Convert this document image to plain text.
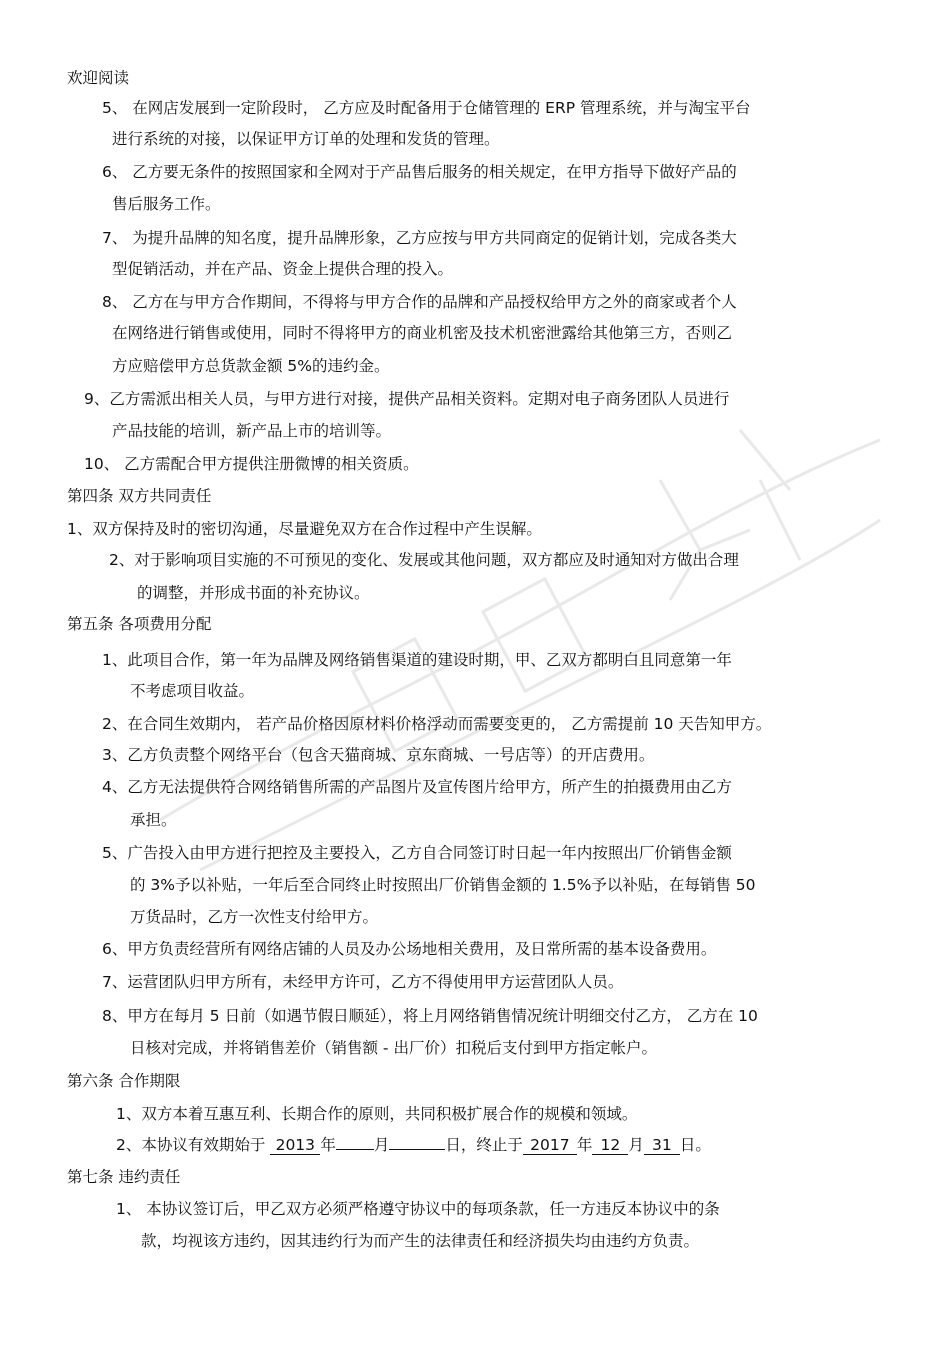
欢迎阅读
5、 在网店发展到一定阶段时， 乙方应及时配备用于仓储管理的 ERP 管理系统，并与淘宝平台
进行系统的对接，以保证甲方订单的处理和发货的管理。
6、 乙方要无条件的按照国家和全网对于产品售后服务的相关规定，在甲方指导下做好产品的
售后服务工作。
7、 为提升品牌的知名度，提升品牌形象，乙方应按与甲方共同商定的促销计划，完成各类大
型促销活动，并在产品、资金上提供合理的投入。
8、 乙方在与甲方合作期间，不得将与甲方合作的品牌和产品授权给甲方之外的商家或者个人
在网络进行销售或使用，同时不得将甲方的商业机密及技术机密泄露给其他第三方，否则乙
方应赔偿甲方总货款金额 5%的违约金。
9、乙方需派出相关人员，与甲方进行对接，提供产品相关资料。定期对电子商务团队人员进行
产品技能的培训，新产品上市的培训等。
10、 乙方需配合甲方提供注册微博的相关资质。
第四条 双方共同责任
1、双方保持及时的密切沟通，尽量避免双方在合作过程中产生误解。
2、对于影响项目实施的不可预见的变化、发展或其他问题，双方都应及时通知对方做出合理
的调整，并形成书面的补充协议。
第五条 各项费用分配
1、此项目合作，第一年为品牌及网络销售渠道的建设时期，甲、乙双方都明白且同意第一年
不考虑项目收益。
2、在合同生效期内， 若产品价格因原材料价格浮动而需要变更的， 乙方需提前 10 天告知甲方。
3、乙方负责整个网络平台（包含天猫商城、京东商城、一号店等）的开店费用。
4、乙方无法提供符合网络销售所需的产品图片及宣传图片给甲方，所产生的拍摄费用由乙方
承担。
5、广告投入由甲方进行把控及主要投入，乙方自合同签订时日起一年内按照出厂价销售金额
的 3%予以补贴，一年后至合同终止时按照出厂价销售金额的 1.5%予以补贴，在每销售 50
万货品时，乙方一次性支付给甲方。
6、甲方负责经营所有网络店铺的人员及办公场地相关费用，及日常所需的基本设备费用。
7、运营团队归甲方所有，未经甲方许可，乙方不得使用甲方运营团队人员。
8、甲方在每月 5 日前（如遇节假日顺延），将上月网络销售情况统计明细交付乙方， 乙方在 10
日核对完成，并将销售差价（销售额 - 出厂价）扣税后支付到甲方指定帐户。
第六条 合作期限
1、双方本着互惠互利、长期合作的原则，共同积极扩展合作的规模和领域。
2、本协议有效期始于 2013 年 月	日，终止于 2017 年 12 月 31 日。
第七条 违约责任
1、 本协议签订后，甲乙双方必须严格遵守协议中的每项条款，任一方违反本协议中的条
款，均视该方违约，因其违约行为而产生的法律责任和经济损失均由违约方负责。
